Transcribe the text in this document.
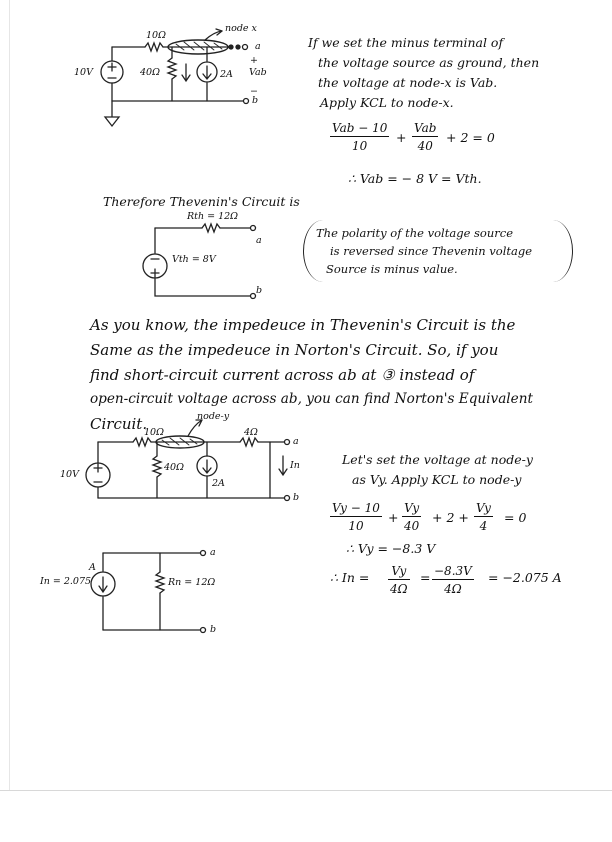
10Ω
node x
10V	40Ω	2A Vab
a
b
+
−
If we set the minus terminal of
the voltage source as ground, then
the voltage at node-x is Vab.
Apply KCL to node-x.
Vab − 10
10
+
Vab
40
+ 2 = 0
∴ Vab = − 8 V = Vth.
Therefore Thevenin's Circuit is
Rth = 12Ω
Vth = 8V
a
b
The polarity of the voltage source
is reversed since Thevenin voltage
Source is minus value.
As you know, the impedeuce in Thevenin's Circuit is the
Same as the impedeuce in Norton's Circuit. So, if you
find short-circuit current across ab at ③ instead of
open-circuit voltage across ab, you can find Norton's Equivalent
Circuit.
10Ω
node-y
4Ω
10V
40Ω
2A
In
a
b
Let's set the voltage at node-y
as Vy. Apply KCL to node-y
$\frac{Vy - 10}{10} + \frac{Vy}{40} + 2 + \frac{Vy}{4} = 0$
∴ Vy = −8.3 V
∴ $In = \frac{Vy}{4\Omega} = \frac{-8.3V}{4\Omega} = -2.075$ A
In = 2.075
A
Rn = 12Ω
a
b
